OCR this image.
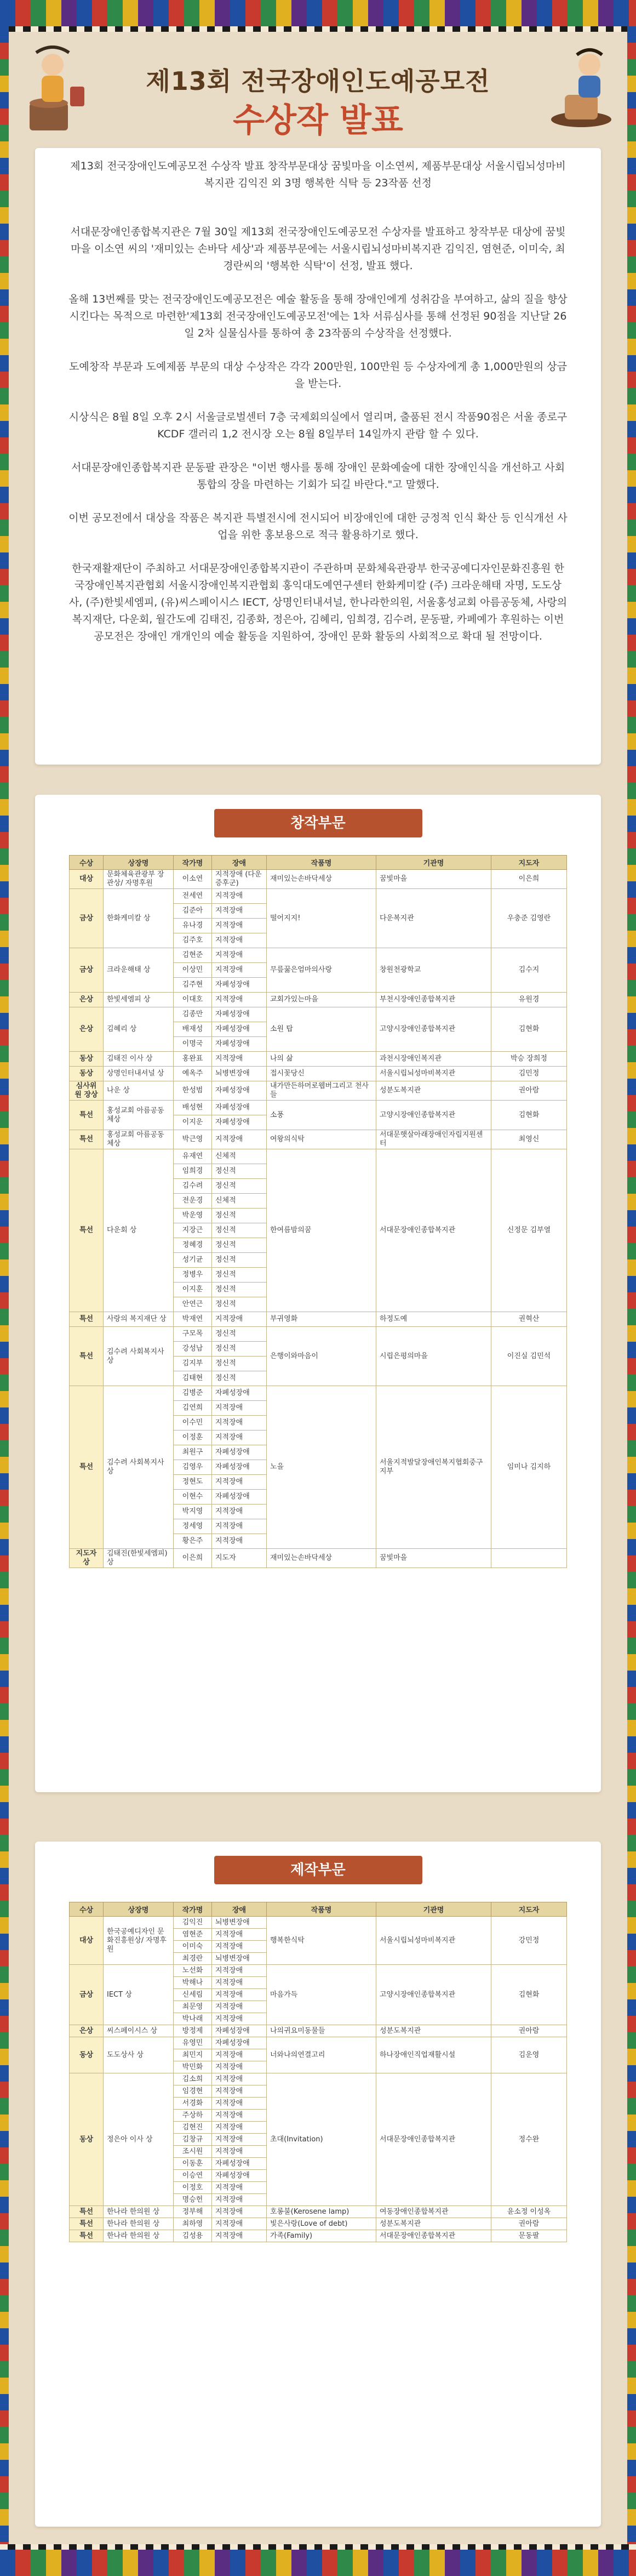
제13회 전국장애인도예공모전
수상작 발표

제13회 전국장애인도예공모전 수상작 발표 창작부문대상 꿈빛마을 이소연씨, 제품부문대상 서울시립뇌성마비복지관 김익진 외 3명 행복한 식탁 등 23작품 선정

서대문장애인종합복지관은 7월 30일 제13회 전국장애인도예공모전 수상자를 발표하고 창작부문 대상에 꿈빛마을 이소연 씨의 '재미있는 손바닥 세상'과 제품부문에는 서울시립뇌성마비복지관 김익진, 염현준, 이미숙, 최경란씨의 '행복한 식탁'이 선정, 발표 했다.

올해 13번째를 맞는 전국장애인도예공모전은 예술 활동을 통해 장애인에게 성취감을 부여하고, 삶의 질을 향상시킨다는 목적으로 마련한'제13회 전국장애인도예공모전'에는 1차 서류심사를 통해 선정된 90점을 지난달 26일 2차 실물심사를 통하여 총 23작품의 수상작을 선정했다.

도예창작 부문과 도예제품 부문의 대상 수상작은 각각 200만원, 100만원 등 수상자에게 총 1,000만원의 상금을 받는다.

시상식은 8월 8일 오후 2시 서울글로벌센터 7층 국제회의실에서 열리며, 출품된 전시 작품90점은 서울 종로구 KCDF 갤러리 1,2 전시장 오는 8월 8일부터 14일까지 관람 할 수 있다.

서대문장애인종합복지관 문동팔 관장은 "이번 행사를 통해 장애인 문화예술에 대한 장애인식을 개선하고 사회통합의 장을 마련하는 기회가 되길 바란다."고 말했다.

이번 공모전에서 대상을 작품은 복지관 특별전시에 전시되어 비장애인에 대한 긍정적 인식 확산 등 인식개선 사업을 위한 홍보용으로 적극 활용하기로 했다.

한국재활재단이 주최하고 서대문장애인종합복지관이 주관하며 문화체육관광부 한국공예디자인문화진흥원 한국장애인복지관협회 서울시장애인복지관협회 홍익대도예연구센터 한화케미칼 (주) 크라운해태 자명, 도도상사, (주)한빛세엠피, (유)씨스페이시스 IECT, 상명인터내셔널, 한나라한의원, 서울홍성교회 아름공동체, 사랑의복지재단, 다운회, 월간도예 김태진, 김종화, 정은아, 김혜리, 임희경, 김수려, 문동팔, 카페예가 후원하는 이번 공모전은 장애인 개개인의 예술 활동을 지원하여, 장애인 문화 활동의 사회적으로 확대 될 전망이다.

창작부문
수상	상장명	작가명	장애	작품명	기관명	지도자
대상	문화체육관광부 장관상/ 자명후원	이소연	지적장애 (다운증후군)	재미있는손바닥세상	꿈빛마을	이은희
금상	한화케미칼 상	전세연	지적장애	떨어지지!	다운복지관	우충준 김영란
		김준아	지적장애			
		유나경	지적장애			
		김주호	지적장애			
금상	크라운해태 상	김현준	지적장애	무릎꿇은엄마의사랑	창원천광학교	김수지
		이상민	지적장애			
		김주현	자폐성장애			
은상	한빛세엠피 상	이대호	지적장애	교회가있는마을	부천시장애인종합복지관	유원경
은상	김혜리 상	김종만	자폐성장애	소원 탑	고양시장애인종합복지관	김현화
		배재성	자폐성장애			
		이명국	자폐성장애			
동상	김태진 이사 상	홍완표	지적장애	나의 삶	과천시장애인복지관	박승 장희정
동상	상명인터내셔널 상	예옥주	뇌병변장애	접시꽃당신	서울시립뇌성마비복지관	김민정
심사위원 장상	나운 상	한성범	자폐성장애	내가만든하머로웹버그리고 천사들	성분도복지관	권아람
특선	홍성교회 아름공동체상	배성현	자폐성장애	소풍	고양시장애인종합복지관	김현화
		이지운	자폐성장애			
특선	홍성교회 아름공동체상	박근영	지적장애	여왕의식탁	서대문햇살아래장애인자립지원센터	최영신
특선	다운회 상	유재연	신체적	한여름밤의꿈	서대문장애인종합복지관	신정문 김부열
		임희경	정신적			
		김수려	정신적			
		전운경	신체적			
		박운영	정신적			
		지장근	정신적			
		정혜경	정신적			
		성기균	정신적			
		정병우	정신적			
		이지훈	정신적			
		안연근	정신적			
특선	사랑의 복지재단 상	박재연	지적장애	부귀영화	하정도예	권혁산
특선	김수려 사회복지사 상	구모목	정신적	은행이와마음이	시립은평의마을	이진실 김민석
		강성남	정신적			
		김지부	정신적			
		김태현	정신적			
특선	김수려 사회복지사 상	김병준	자폐성장애	노을	서울지적발달장애인복지협회중구지부	임미나 김지하
		김연희	지적장애			
		이수민	지적장애			
		이정훈	지적장애			
		최원구	자폐성장애			
		김영우	자폐성장애			
		정현도	지적장애			
		이현수	자폐성장애			
		박지영	지적장애			
		정세영	지적장애			
		황은주	지적장애			
지도자상	김태진(한빛세엠피) 상	이은희	지도자	재미있는손바닥세상	꿈빛마을	
제작부문
수상	상장명	작가명	장애	작품명	기관명	지도자
대상	한국공예디자인 문화진흥원상/ 자명후원	김익진	뇌병변장애	행복한식탁	서울시립뇌성마비복지관	강민정
		염현준	지적장애			
		이미숙	지적장애			
		최경란	뇌병변장애			
금상	IECT 상	노선화	지적장애	마음가득	고양시장애인종합복지관	김현화
		박해나	지적장애			
		신세림	지적장애			
		최문영	지적장애			
		박나래	지적장애			
은상	씨스페이시스 상	방정제	자폐성장애	나의귀요미동물들	성분도복지관	권아람
동상	도도상사 상	유영민	자폐성장애	너와나의연결고리	하나장애인직업재활시설	김운영
		최민지	지적장애			
		박민화	지적장애			
동상	정은아 이사 상	김소희	지적장애	초대(Invitation)	서대문장애인종합복지관	정수완
		임경현	지적장애			
		서경화	지적장애			
		주상하	지적장애			
		김현진	지적장애			
		김창규	지적장애			
		조시원	지적장애			
		이동훈	자폐성장애			
		이승연	자폐성장애			
		이정호	지적장애			
		명승헌	지적장애			
특선	한나라 한의원 상	정부해	지적장애	호롱불(Kerosene lamp)	여동장애인종합복지관	윤소정 이성옥
특선	한나라 한의원 상	최하영	지적장애	빛은사랑(Love of debt)	성분도복지관	권아람
특선	한나라 한의원 상	김성용	지적장애	가족(Family)	서대문장애인종합복지관	문동팔
